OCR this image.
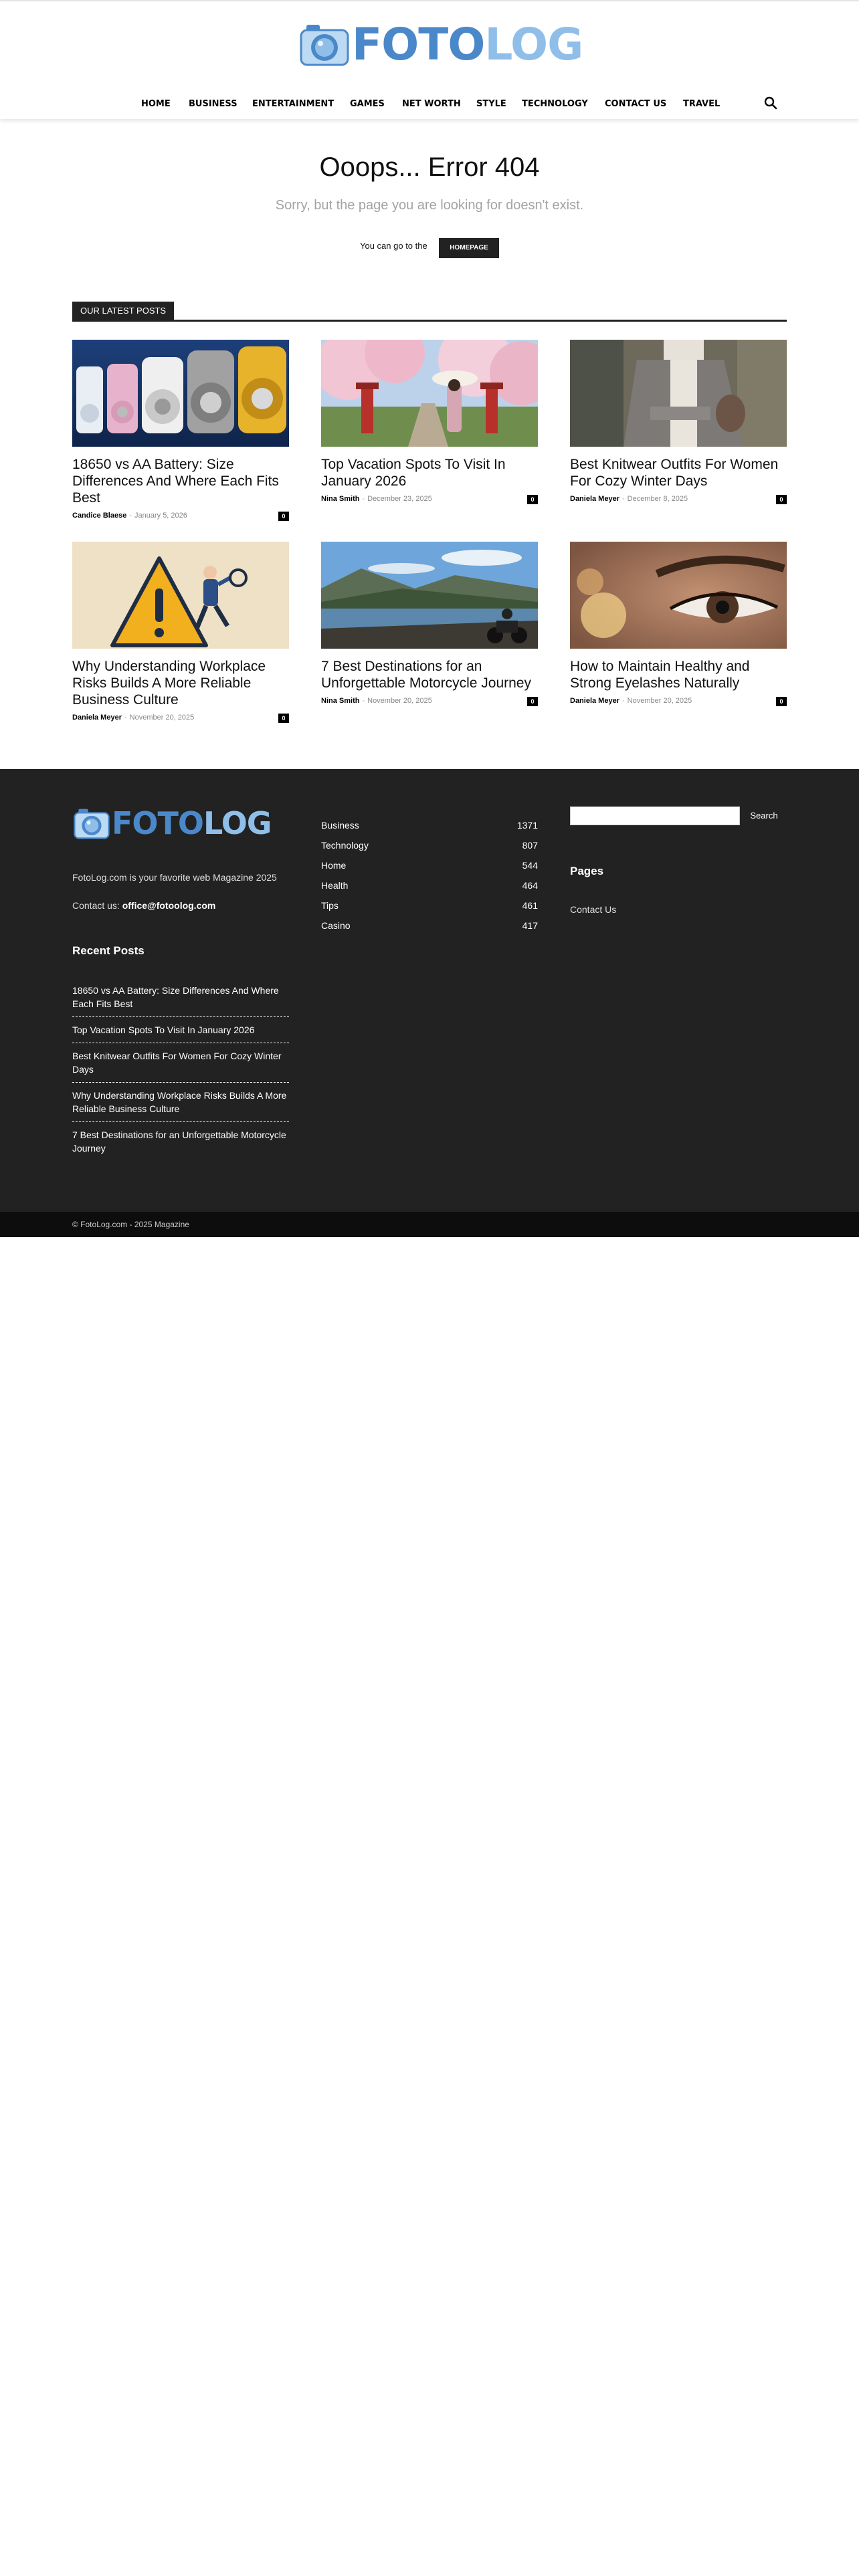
FOTOLOG
HOME BUSINESS ENTERTAINMENT GAMES NET WORTH STYLE TECHNOLOGY CONTACT US TRAVEL
Ooops... Error 404
Sorry, but the page you are looking for doesn't exist.
You can go to the	HOMEPAGE
OUR LATEST POSTS
18650 vs AA Battery: Size Differences And Where Each Fits Best
Candice Blaese - January 5, 2026	0
Top Vacation Spots To Visit In January 2026
Nina Smith - December 23, 2025	0
Best Knitwear Outfits For Women For Cozy Winter Days
Daniela Meyer - December 8, 2025	0
Why Understanding Workplace Risks Builds A More Reliable Business Culture
Daniela Meyer - November 20, 2025	0
7 Best Destinations for an Unforgettable Motorcycle Journey
Nina Smith - November 20, 2025	0
How to Maintain Healthy and Strong Eyelashes Naturally
Daniela Meyer - November 20, 2025	0
FOTOLOG
FotoLog.com is your favorite web Magazine 2025
Contact us: office@fotoolog.com
Recent Posts
18650 vs AA Battery: Size Differences And Where Each Fits Best
Top Vacation Spots To Visit In January 2026
Best Knitwear Outfits For Women For Cozy Winter Days
Why Understanding Workplace Risks Builds A More Reliable Business Culture
7 Best Destinations for an Unforgettable Motorcycle Journey
Business	1371
Technology	807
Home	544
Health	464
Tips	461
Casino	417
Search
Pages
Contact Us
© FotoLog.com - 2025 Magazine
